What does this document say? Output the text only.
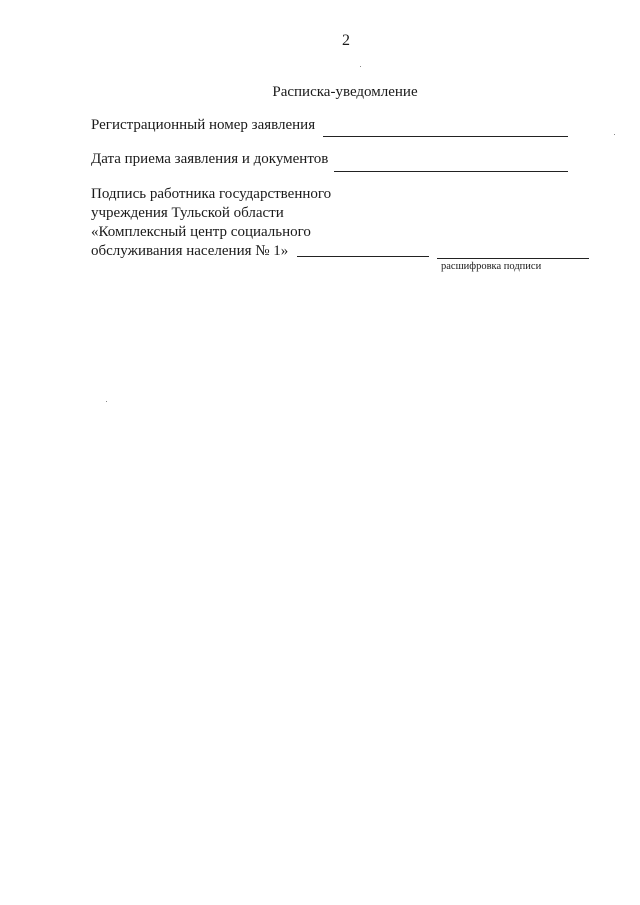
2
Расписка-уведомление
Регистрационный номер заявления
Дата приема заявления и документов
Подпись работника государственного
учреждения Тульской области
«Комплексный центр социального
обслуживания населения № 1»
расшифровка подписи
